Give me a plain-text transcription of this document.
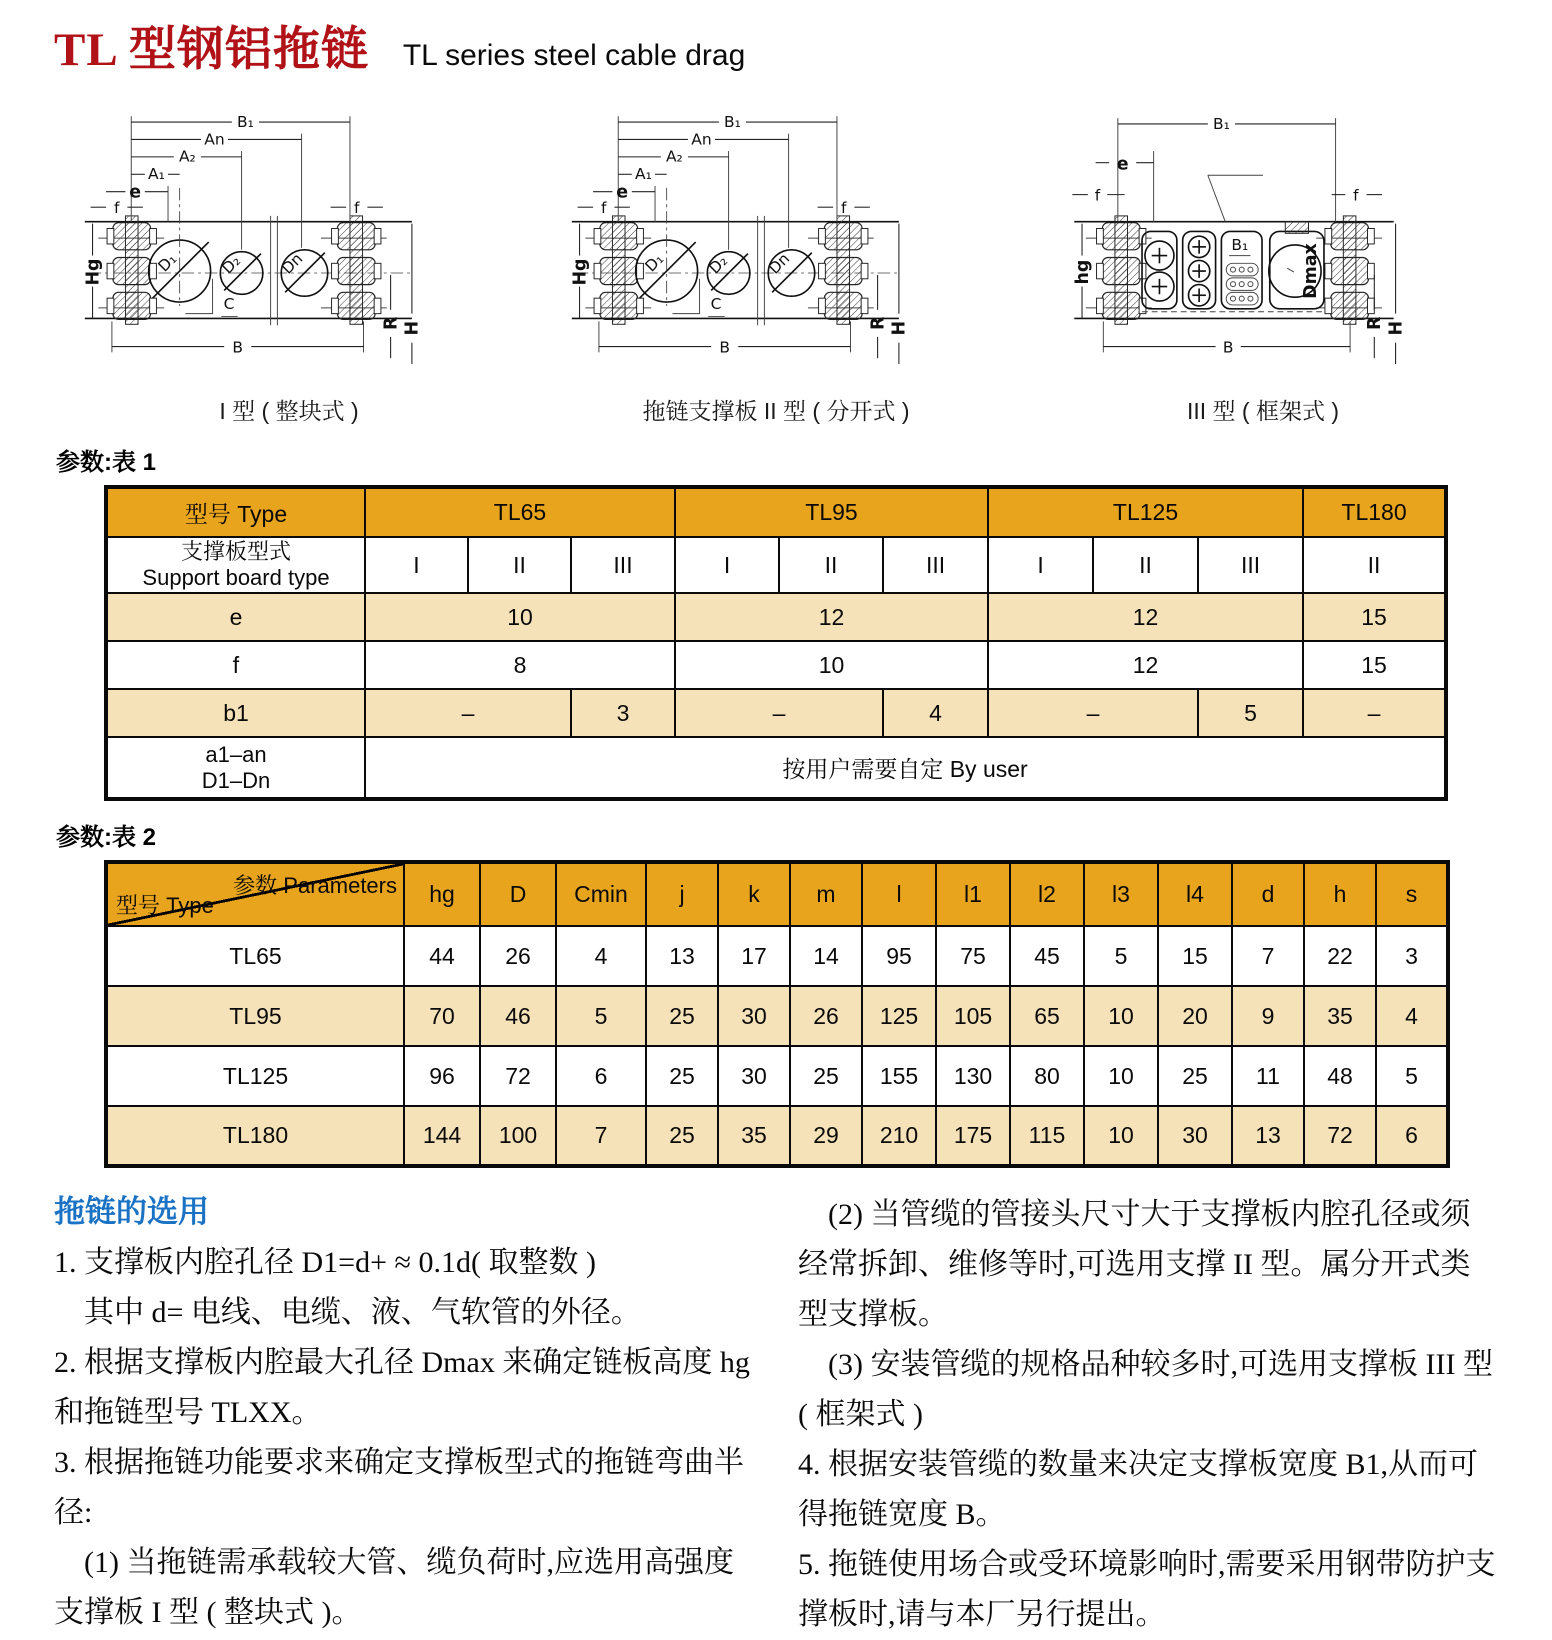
TL 型钢铝拖链 TL series steel cable drag
I 型 ( 整块式 )	拖链支撑板 II 型 ( 分开式 )	III 型 ( 框架式 )
参数:表 1
型号 Type	TL65			TL95			TL125			TL180

支撑板型式
Support board type	I	II	III	I	II	III	I	II	III	II
e	10			12			12			15
f	8			10			12			15
b1	–		3	–		4	–		5	–

a1–an
D1–Dn	按用户需要自定 By user									
参数:表 2
参数 Parameters
型号 Type	hg	D	Cmin	j	k	m	l	l1	l2	l3	l4	d	h	s
TL65	44	26	4	13	17	14	95	75	45	5	15	7	22	3
TL95	70	46	5	25	30	26	125	105	65	10	20	9	35	4
TL125	96	72	6	25	30	25	155	130	80	10	25	11	48	5
TL180	144	100	7	25	35	29	210	175	115	10	30	13	72	6
拖链的选用

1. 支撑板内腔孔径 D1=d+ ≈ 0.1d( 取整数 )

其中 d= 电线、电缆、液、气软管的外径。

2. 根据支撑板内腔最大孔径 Dmax 来确定链板高度 hg 和拖链型号 TLXX。

3. 根据拖链功能要求来确定支撑板型式的拖链弯曲半径:

(1) 当拖链需承载较大管、缆负荷时,应选用高强度支撑板 I 型 ( 整块式 )。

(2) 当管缆的管接头尺寸大于支撑板内腔孔径或须经常拆卸、维修等时,可选用支撑 II 型。属分开式类型支撑板。

(3) 安装管缆的规格品种较多时,可选用支撑板 III 型 ( 框架式 )

4. 根据安装管缆的数量来决定支撑板宽度 B1,从而可得拖链宽度 B。

5. 拖链使用场合或受环境影响时,需要采用钢带防护支撑板时,请与本厂另行提出。
